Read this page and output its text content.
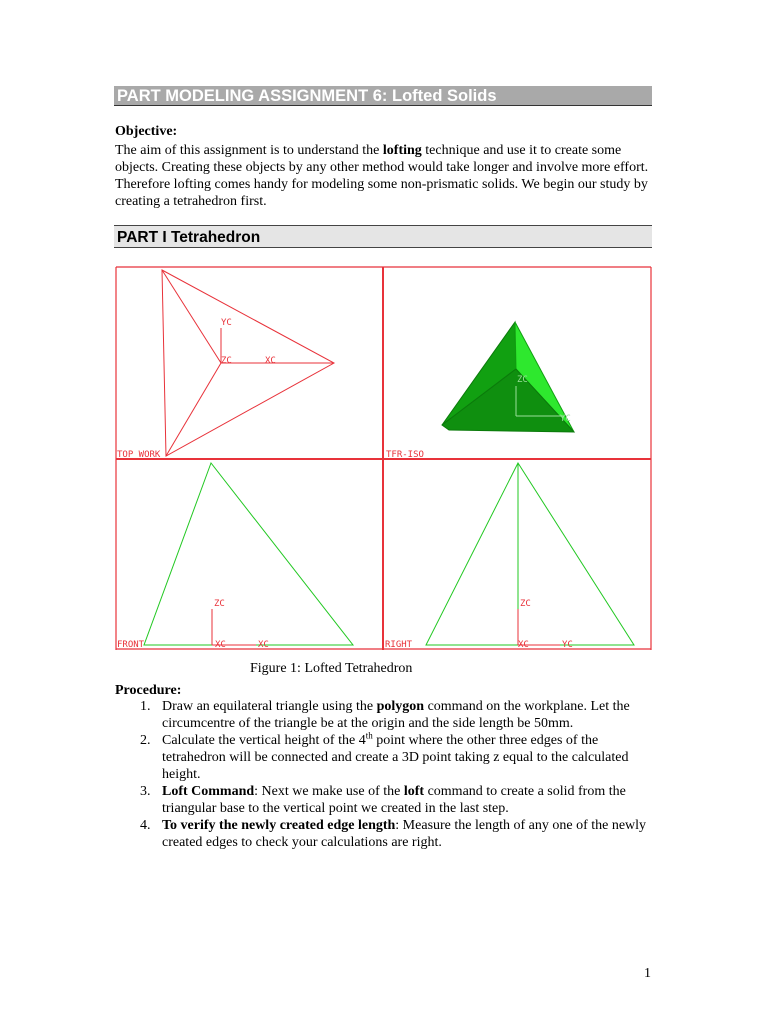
PART MODELING ASSIGNMENT 6: Lofted Solids
Objective:
The aim of this assignment is to understand the lofting technique and use it to create some objects. Creating these objects by any other method would take longer and involve more effort. Therefore lofting comes handy for modeling some non-prismatic solids. We begin our study by creating a tetrahedron first.
PART I Tetrahedron
YC
ZC	XC
TOP WORK
ZC
YC
TFR-ISO
ZC
XC	XC
FRONT
ZC
XC	YC
RIGHT
Figure 1: Lofted Tetrahedron
Procedure:
1. Draw an equilateral triangle using the polygon command on the workplane. Let the circumcentre of the triangle be at the origin and the side length be 50mm.
2. Calculate the vertical height of the 4th point where the other three edges of the tetrahedron will be connected and create a 3D point taking z equal to the calculated height.
3. Loft Command: Next we make use of the loft command to create a solid from the triangular base to the vertical point we created in the last step.
4. To verify the newly created edge length: Measure the length of any one of the newly created edges to check your calculations are right.
1
